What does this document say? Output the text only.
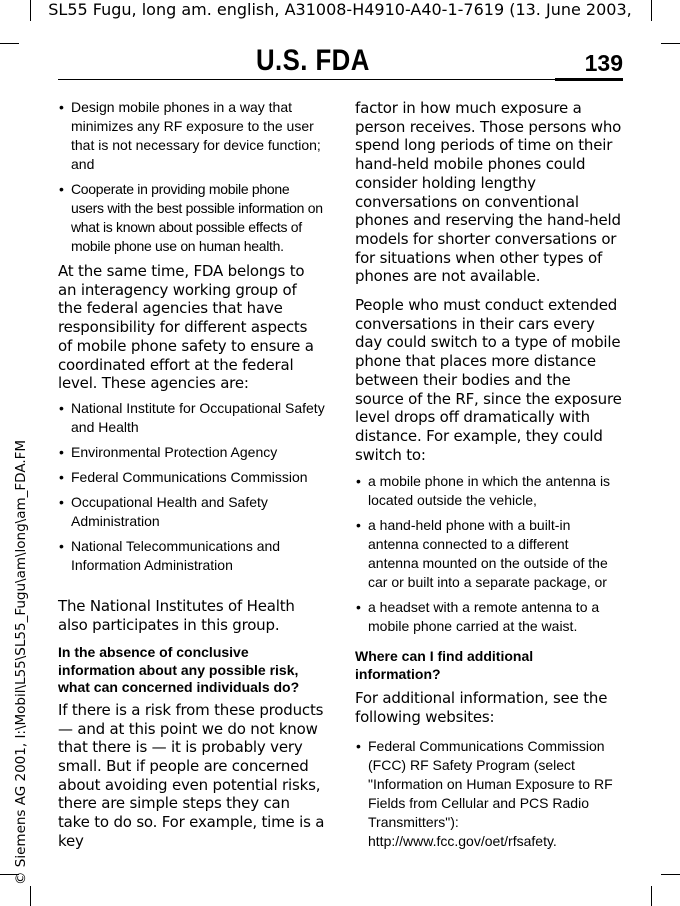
SL55 Fugu, long am. english, A31008-H4910-A40-1-7619 (13. June 2003,
© Siemens AG 2001, I:\Mobil\L55\SL55_Fugu\am\long\am_FDA.FM
U.S. FDA	139
• Design mobile phones in a way that minimizes any RF exposure to the user that is not necessary for device function; and
• Cooperate in providing mobile phone users with the best possible information on what is known about possible effects of mobile phone use on human health.

At the same time, FDA belongs to an interagency working group of the federal agencies that have responsibility for different aspects of mobile phone safety to ensure a coordinated effort at the federal level. These agencies are:

• National Institute for Occupational Safety and Health
• Environmental Protection Agency
• Federal Communications Commission
• Occupational Health and Safety Administration
• National Telecommunications and Information Administration

The National Institutes of Health also participates in this group.

In the absence of conclusive information about any possible risk, what can concerned individuals do?

If there is a risk from these products — and at this point we do not know that there is — it is probably very small. But if people are concerned about avoiding even potential risks, there are simple steps they can take to do so. For example, time is a key

factor in how much exposure a person receives. Those persons who spend long periods of time on their hand-held mobile phones could consider holding lengthy conversations on conventional phones and reserving the hand-held models for shorter conversations or for situations when other types of phones are not available.

People who must conduct extended conversations in their cars every day could switch to a type of mobile phone that places more distance between their bodies and the source of the RF, since the exposure level drops off dramatically with distance. For example, they could switch to:

• a mobile phone in which the antenna is located outside the vehicle,
• a hand-held phone with a built-in antenna connected to a different antenna mounted on the outside of the car or built into a separate package, or
• a headset with a remote antenna to a mobile phone carried at the waist.

Where can I find additional information?

For additional information, see the following websites:

• Federal Communications Commission (FCC) RF Safety Program (select "Information on Human Exposure to RF Fields from Cellular and PCS Radio Transmitters"):
http://www.fcc.gov/oet/rfsafety.
